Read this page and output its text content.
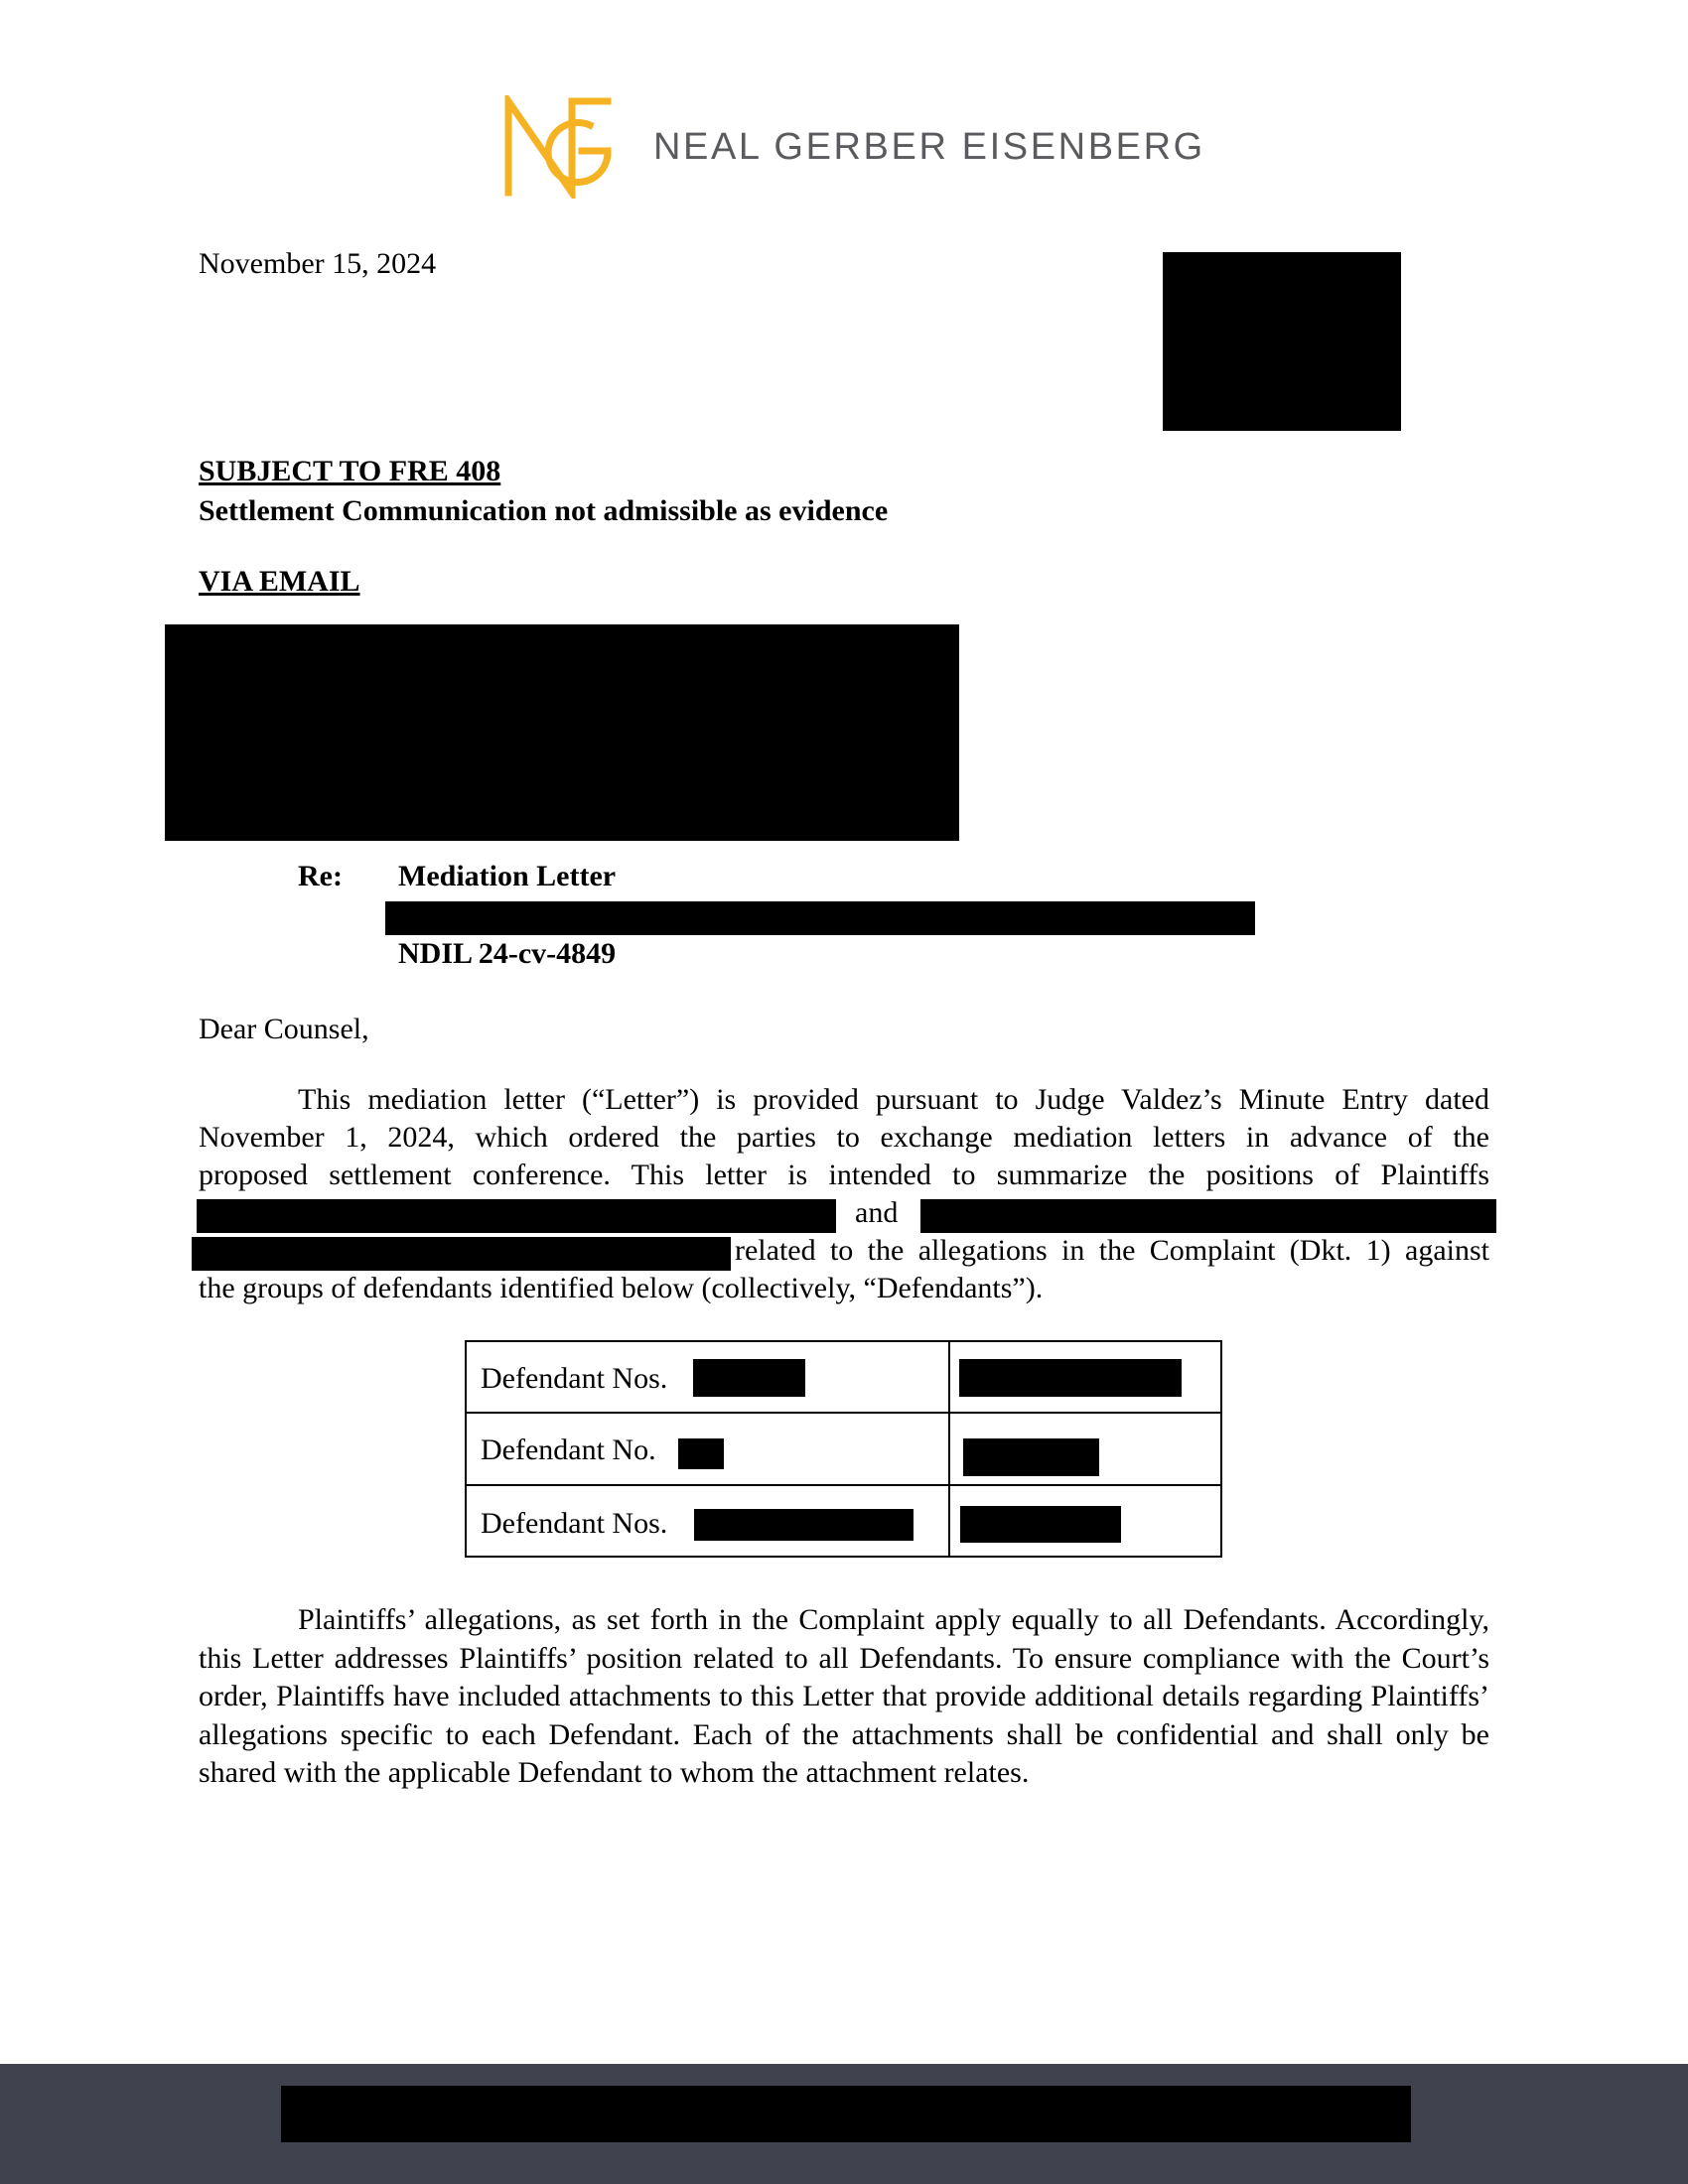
NG
NEAL GERBER EISENBERG
November 15, 2024
SUBJECT TO FRE 408
Settlement Communication not admissible as evidence
VIA EMAIL
Re: Mediation Letter
NDIL 24-cv-4849
Dear Counsel,
This mediation letter (“Letter”) is provided pursuant to Judge Valdez’s Minute Entry dated
November 1, 2024, which ordered the parties to exchange mediation letters in advance of the
proposed settlement conference. This letter is intended to summarize the positions of Plaintiffs
and
related to the allegations in the Complaint (Dkt. 1) against
the groups of defendants identified below (collectively, “Defendants”).
Defendant Nos.
Defendant No.
Defendant Nos.
Plaintiffs’ allegations, as set forth in the Complaint apply equally to all Defendants. Accordingly, this Letter addresses Plaintiffs’ position related to all Defendants. To ensure compliance with the Court’s order, Plaintiffs have included attachments to this Letter that provide additional details regarding Plaintiffs’ allegations specific to each Defendant. Each of the attachments shall be confidential and shall only be shared with the applicable Defendant to whom the attachment relates.
